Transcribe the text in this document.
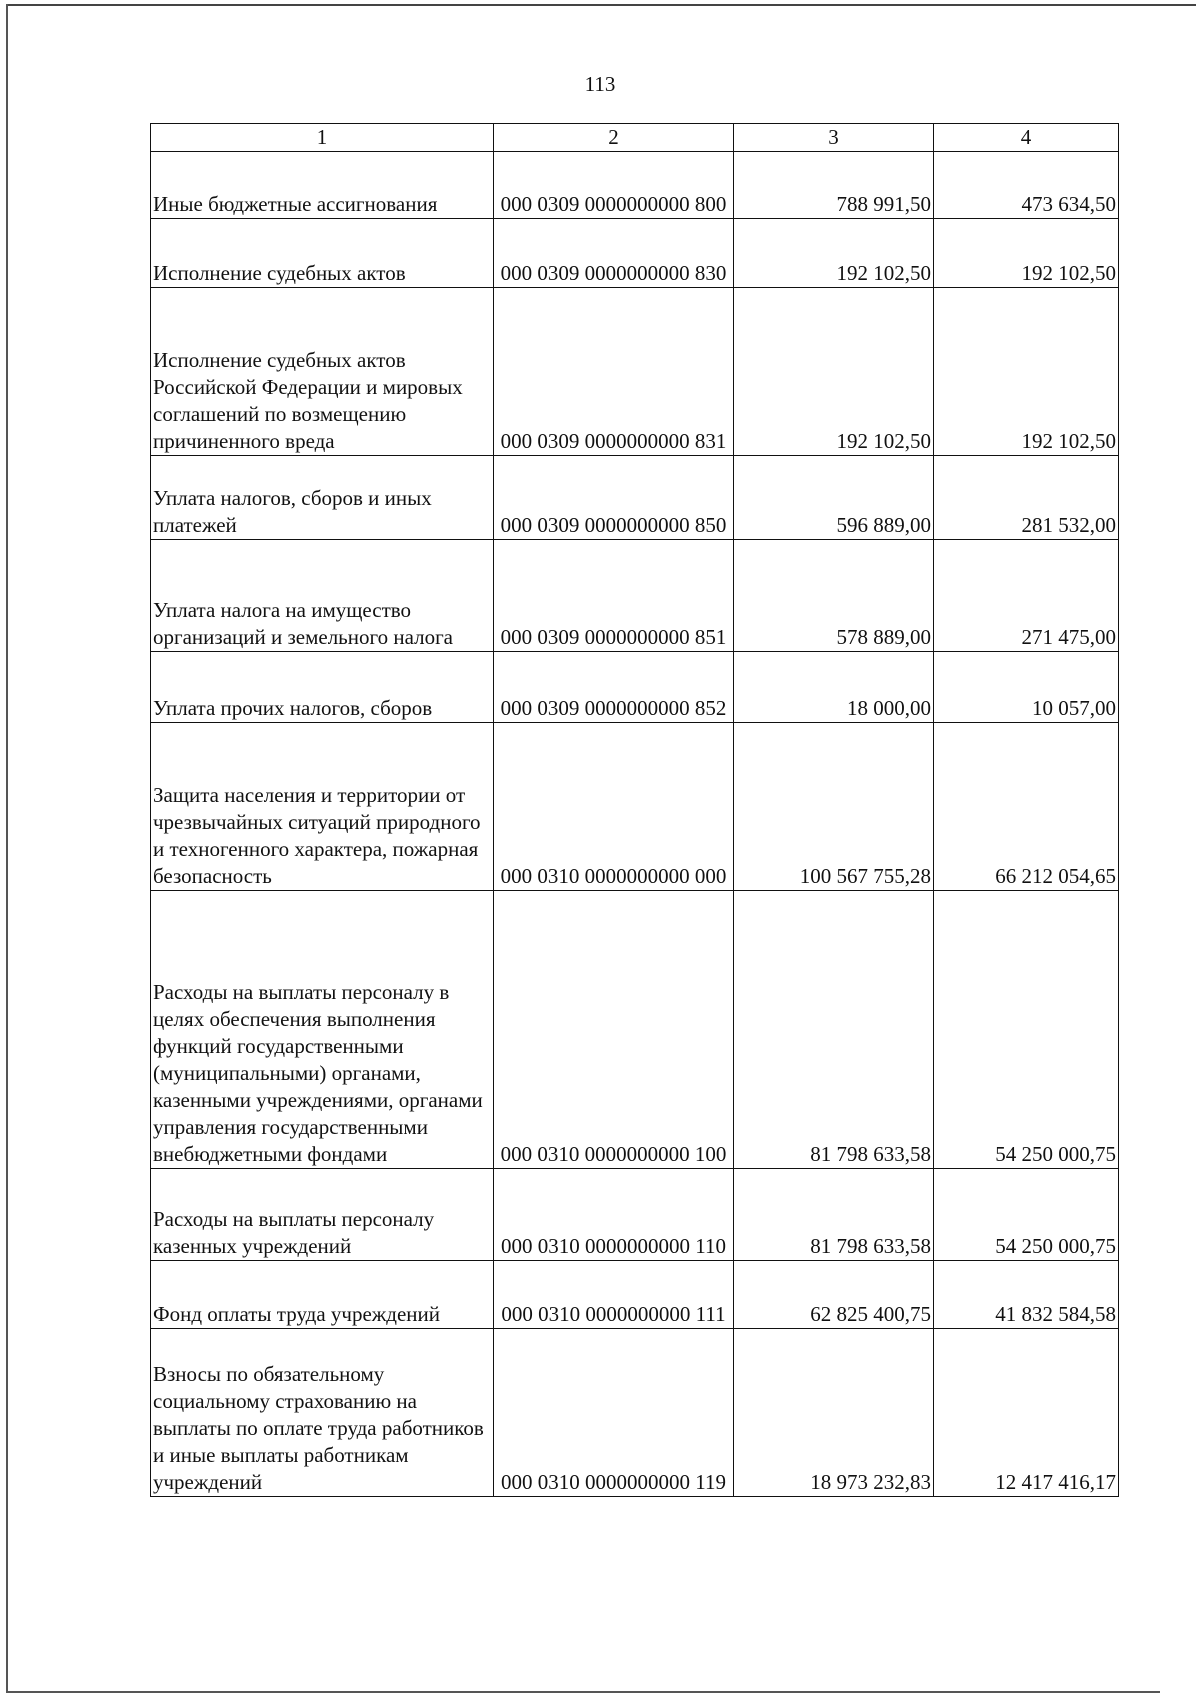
113
1	2	3	4
Иные бюджетные ассигнования	000 0309 0000000000 800	788 991,50	473 634,50
Исполнение судебных актов	000 0309 0000000000 830	192 102,50	192 102,50
Исполнение судебных актов Российской Федерации и мировых соглашений по возмещению причиненного вреда	000 0309 0000000000 831	192 102,50	192 102,50
Уплата налогов, сборов и иных платежей	000 0309 0000000000 850	596 889,00	281 532,00
Уплата налога на имущество организаций и земельного налога	000 0309 0000000000 851	578 889,00	271 475,00
Уплата прочих налогов, сборов	000 0309 0000000000 852	18 000,00	10 057,00
Защита населения и территории от чрезвычайных ситуаций природного и техногенного характера, пожарная безопасность	000 0310 0000000000 000	100 567 755,28	66 212 054,65
Расходы на выплаты персоналу в целях обеспечения выполнения функций государственными (муниципальными) органами, казенными учреждениями, органами управления государственными внебюджетными фондами	000 0310 0000000000 100	81 798 633,58	54 250 000,75
Расходы на выплаты персоналу казенных учреждений	000 0310 0000000000 110	81 798 633,58	54 250 000,75
Фонд оплаты труда учреждений	000 0310 0000000000 111	62 825 400,75	41 832 584,58
Взносы по обязательному социальному страхованию на выплаты по оплате труда работников и иные выплаты работникам учреждений	000 0310 0000000000 119	18 973 232,83	12 417 416,17
